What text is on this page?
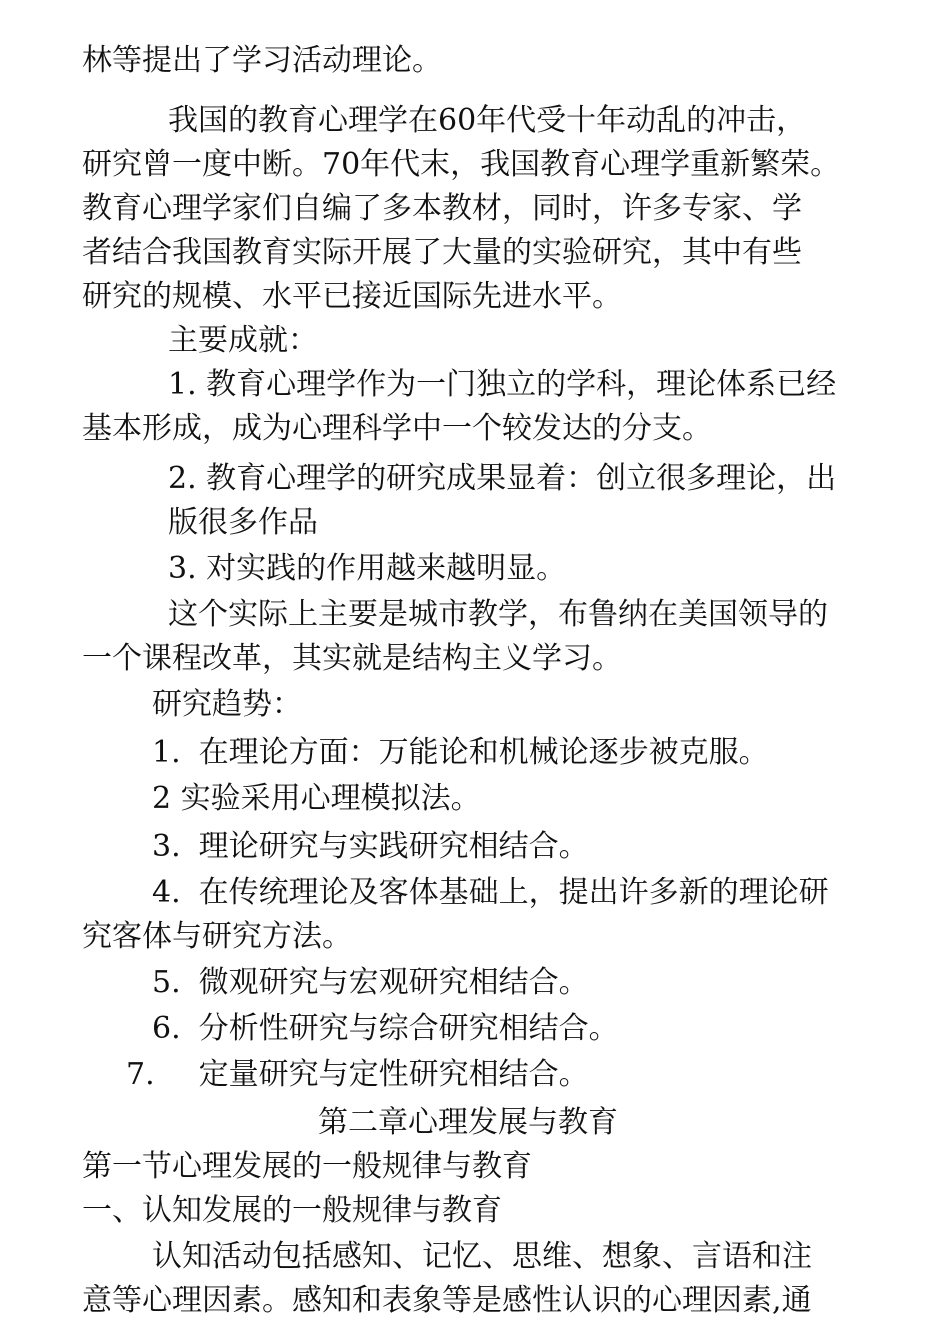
林等提出了学习活动理论。
我国的教育心理学在60年代受十年动乱的冲击，
研究曾一度中断。70年代末，我国教育心理学重新繁荣。
教育心理学家们自编了多本教材，同时，许多专家、学
者结合我国教育实际开展了大量的实验研究，其中有些
研究的规模、水平已接近国际先进水平。
主要成就：
1. 教育心理学作为一门独立的学科，理论体系已经
基本形成，成为心理科学中一个较发达的分支。
2. 教育心理学的研究成果显着：创立很多理论，出
版很多作品
3. 对实践的作用越来越明显。
这个实际上主要是城市教学，布鲁纳在美国领导的
一个课程改革，其实就是结构主义学习。
研究趋势：
1. 在理论方面：万能论和机械论逐步被克服。
2 实验采用心理模拟法。
3. 理论研究与实践研究相结合。
4. 在传统理论及客体基础上，提出许多新的理论研
究客体与研究方法。
5. 微观研究与宏观研究相结合。
6. 分析性研究与综合研究相结合。
7. 定量研究与定性研究相结合。
第二章心理发展与教育
第一节心理发展的一般规律与教育
一、认知发展的一般规律与教育
认知活动包括感知、记忆、思维、想象、言语和注
意等心理因素。感知和表象等是感性认识的心理因素,通
